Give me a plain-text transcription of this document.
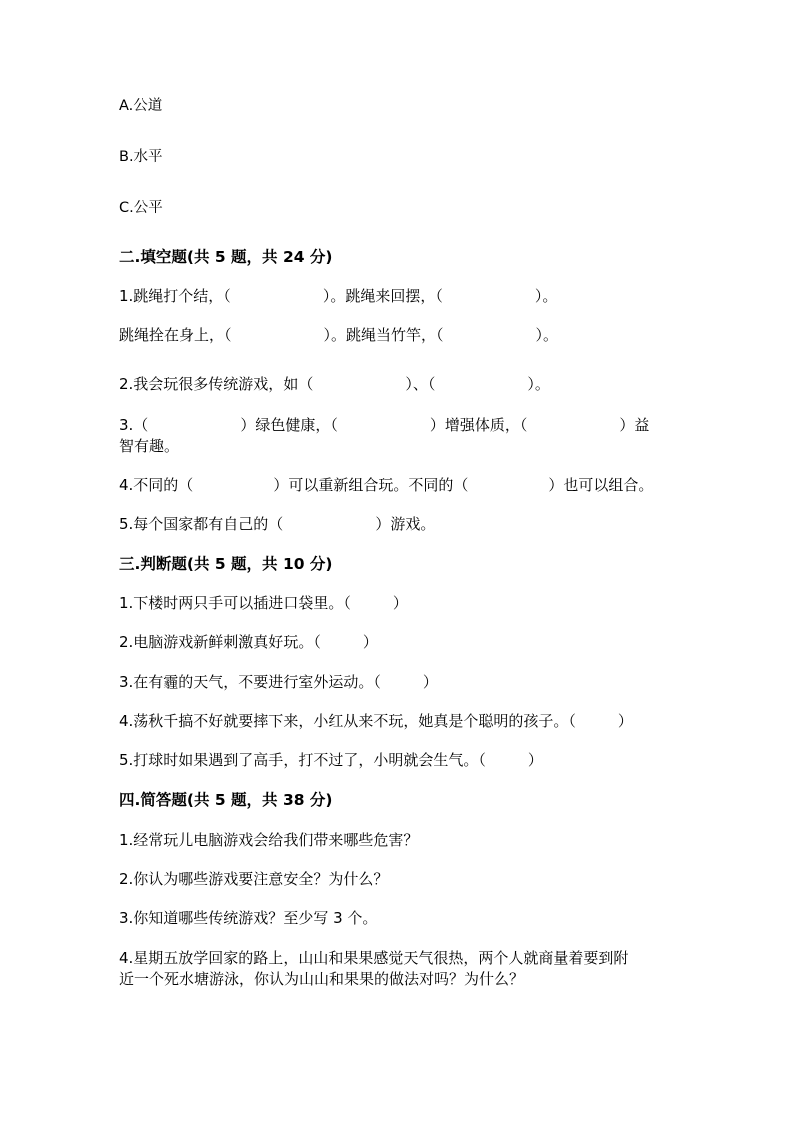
A.公道
B.水平
C.公平
二.填空题(共 5 题，共 24 分)
1.跳绳打个结，（	）。跳绳来回摆，（	）。
跳绳拴在身上，（	）。跳绳当竹竿，（	）。
2.我会玩很多传统游戏，如（	）、（	）。
3.（	）绿色健康，（	）增强体质，（	）益
智有趣。
4.不同的（	）可以重新组合玩。不同的（	）也可以组合。
5.每个国家都有自己的（	）游戏。
三.判断题(共 5 题，共 10 分)
1.下楼时两只手可以插进口袋里。（	）
2.电脑游戏新鲜刺激真好玩。（	）
3.在有霾的天气，不要进行室外运动。（	）
4.荡秋千搞不好就要摔下来，小红从来不玩，她真是个聪明的孩子。（	）
5.打球时如果遇到了高手，打不过了，小明就会生气。（	）
四.简答题(共 5 题，共 38 分)
1.经常玩儿电脑游戏会给我们带来哪些危害？
2.你认为哪些游戏要注意安全？为什么？
3.你知道哪些传统游戏？至少写 3 个。
4.星期五放学回家的路上，山山和果果感觉天气很热，两个人就商量着要到附
近一个死水塘游泳，你认为山山和果果的做法对吗？为什么？
